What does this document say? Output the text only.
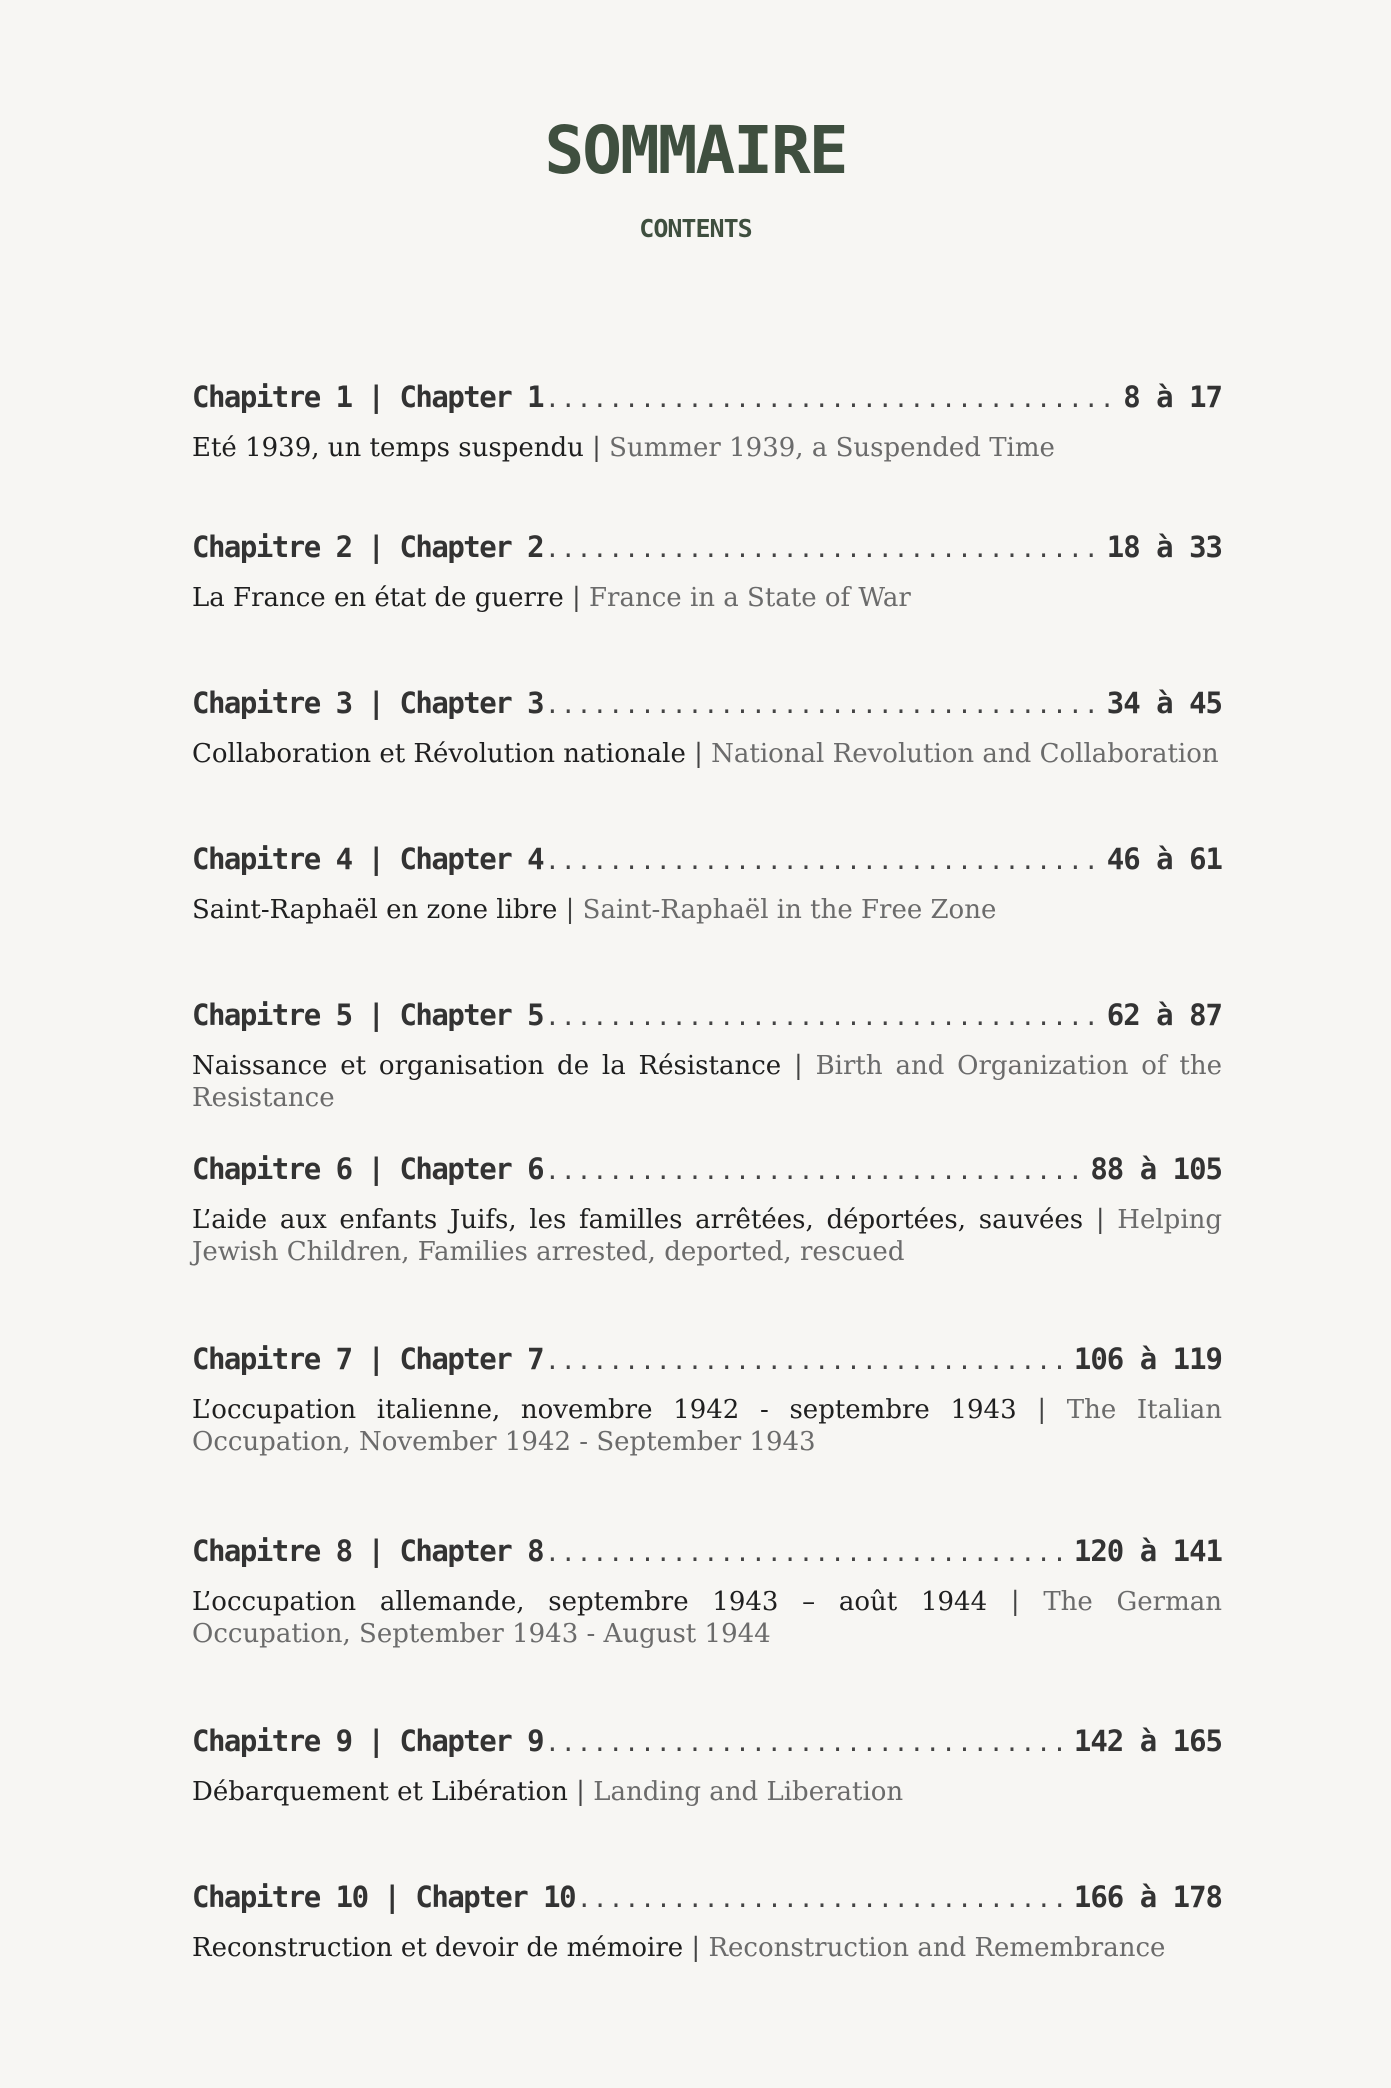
SOMMAIRE
CONTENTS
Chapitre 1 | Chapter 1 .....	8 à 17
Eté 1939, un temps suspendu | Summer 1939, a Suspended Time
Chapitre 2 | Chapter 2 .....	18 à 33
La France en état de guerre | France in a State of War
Chapitre 3 | Chapter 3 .....	34 à 45
Collaboration et Révolution nationale | National Revolution and Collaboration
Chapitre 4 | Chapter 4 .....	46 à 61
Saint-Raphaël en zone libre | Saint-Raphaël in the Free Zone
Chapitre 5 | Chapter 5 .....	62 à 87
Naissance et organisation de la Résistance | Birth and Organization of the Resistance
Chapitre 6 | Chapter 6 .....	88 à 105
L’aide aux enfants Juifs, les familles arrêtées, déportées, sauvées | Helping Jewish Children, Families arrested, deported, rescued
Chapitre 7 | Chapter 7 .....	106 à 119
L’occupation italienne, novembre 1942 - septembre 1943 | The Italian Occupation, November 1942 - September 1943
Chapitre 8 | Chapter 8 .....	120 à 141
L’occupation allemande, septembre 1943 – août 1944 | The German Occupation, September 1943 - August 1944
Chapitre 9 | Chapter 9 .....	142 à 165
Débarquement et Libération | Landing and Liberation
Chapitre 10 | Chapter 10 .....	166 à 178
Reconstruction et devoir de mémoire | Reconstruction and Remembrance
